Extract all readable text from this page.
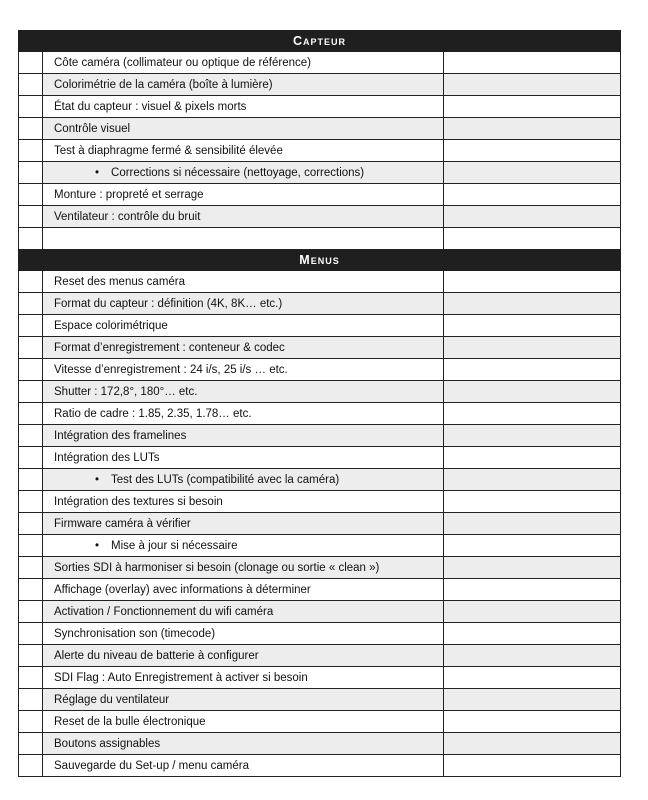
Capteur		
	Côte caméra (collimateur ou optique de référence)	
	Colorimétrie de la caméra (boîte à lumière)	
	État du capteur : visuel & pixels morts	
	Contrôle visuel	
	Test à diaphragme fermé & sensibilité élevée	
	• Corrections si nécessaire (nettoyage, corrections)	
	Monture : propreté et serrage	
	Ventilateur : contrôle du bruit	

Menus		
	Reset des menus caméra	
	Format du capteur : définition (4K, 8K… etc.)	
	Espace colorimétrique	
	Format d’enregistrement : conteneur & codec	
	Vitesse d’enregistrement : 24 i/s, 25 i/s … etc.	
	Shutter : 172,8°, 180°… etc.	
	Ratio de cadre : 1.85, 2.35, 1.78… etc.	
	Intégration des framelines	
	Intégration des LUTs	
	• Test des LUTs (compatibilité avec la caméra)	
	Intégration des textures si besoin	
	Firmware caméra à vérifier	
	• Mise à jour si nécessaire	
	Sorties SDI à harmoniser si besoin (clonage ou sortie « clean »)	
	Affichage (overlay) avec informations à déterminer	
	Activation / Fonctionnement du wifi caméra	
	Synchronisation son (timecode)	
	Alerte du niveau de batterie à configurer	
	SDI Flag : Auto Enregistrement à activer si besoin	
	Réglage du ventilateur	
	Reset de la bulle électronique	
	Boutons assignables	
	Sauvegarde du Set-up / menu caméra	
